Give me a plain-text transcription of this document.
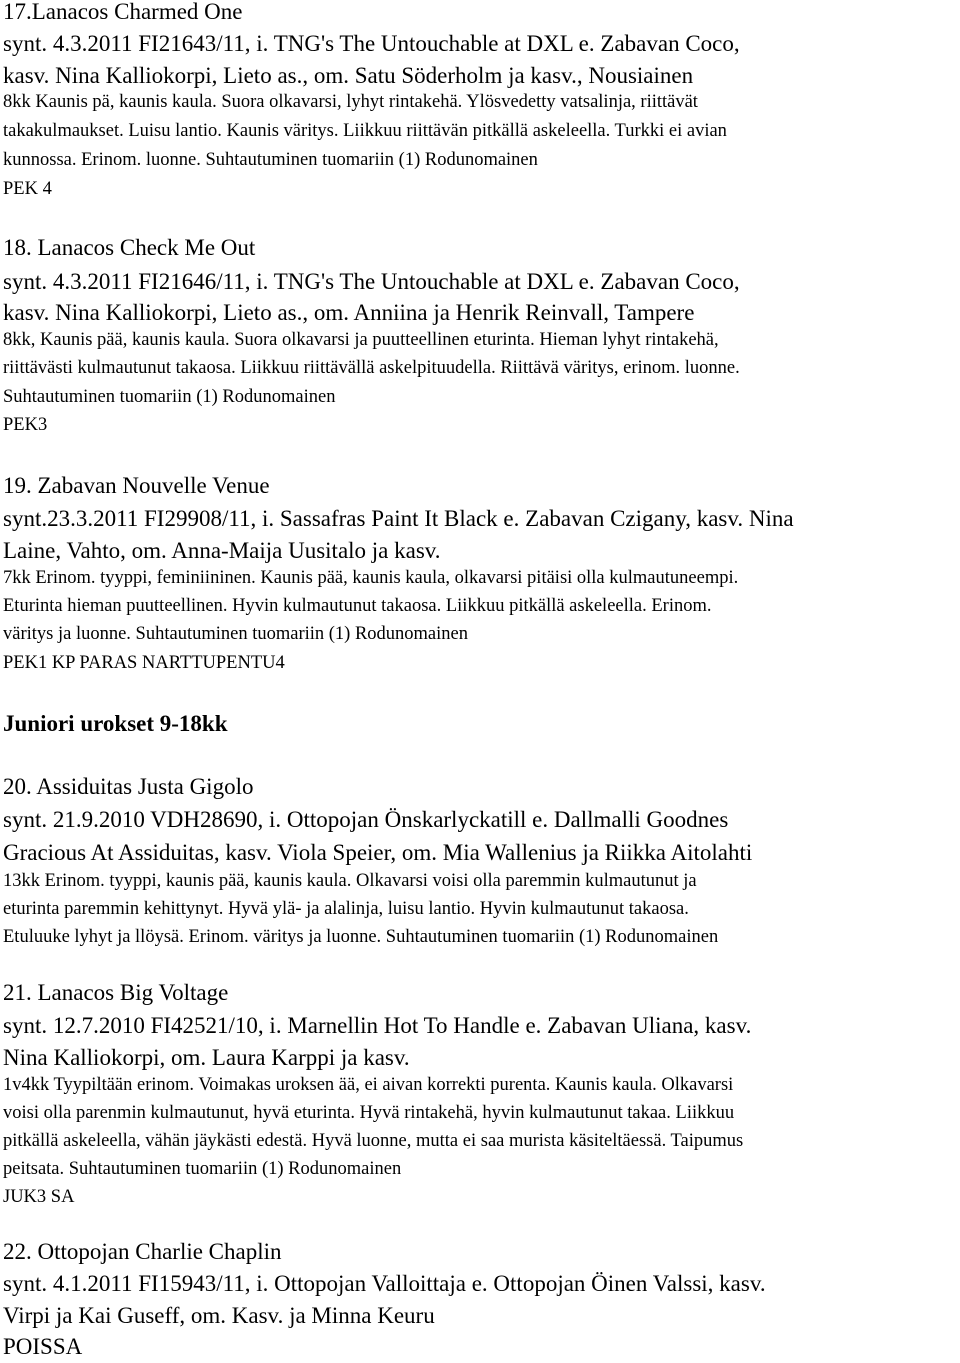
17.Lanacos Charmed One
synt. 4.3.2011 FI21643/11, i. TNG's The Untouchable at DXL e. Zabavan Coco,
kasv. Nina Kalliokorpi, Lieto as., om. Satu Söderholm ja kasv., Nousiainen
8kk Kaunis pä, kaunis kaula. Suora olkavarsi, lyhyt rintakehä. Ylösvedetty vatsalinja, riittävät
takakulmaukset. Luisu lantio. Kaunis väritys. Liikkuu riittävän pitkällä askeleella. Turkki ei avian
kunnossa. Erinom. luonne. Suhtautuminen tuomariin (1) Rodunomainen
PEK 4
18. Lanacos Check Me Out
synt. 4.3.2011 FI21646/11, i. TNG's The Untouchable at DXL e. Zabavan Coco,
kasv. Nina Kalliokorpi, Lieto as., om. Anniina ja Henrik Reinvall, Tampere
8kk, Kaunis pää, kaunis kaula. Suora olkavarsi ja puutteellinen eturinta. Hieman lyhyt rintakehä,
riittävästi kulmautunut takaosa. Liikkuu riittävällä askelpituudella. Riittävä väritys, erinom. luonne.
Suhtautuminen tuomariin (1) Rodunomainen
PEK3
19. Zabavan Nouvelle Venue
synt.23.3.2011 FI29908/11, i. Sassafras Paint It Black e. Zabavan Czigany, kasv. Nina
Laine, Vahto, om. Anna-Maija Uusitalo ja kasv.
7kk Erinom. tyyppi, feminiininen. Kaunis pää, kaunis kaula, olkavarsi pitäisi olla kulmautuneempi.
Eturinta hieman puutteellinen. Hyvin kulmautunut takaosa. Liikkuu pitkällä askeleella. Erinom.
väritys ja luonne. Suhtautuminen tuomariin (1) Rodunomainen
PEK1 KP PARAS NARTTUPENTU4
Juniori urokset 9-18kk
20. Assiduitas Justa Gigolo
synt. 21.9.2010 VDH28690, i. Ottopojan Önskarlyckatill e. Dallmalli Goodnes
Gracious At Assiduitas, kasv. Viola Speier, om. Mia Wallenius ja Riikka Aitolahti
13kk Erinom. tyyppi, kaunis pää, kaunis kaula. Olkavarsi voisi olla paremmin kulmautunut ja
eturinta paremmin kehittynyt. Hyvä ylä- ja alalinja, luisu lantio. Hyvin kulmautunut takaosa.
Etuluuke lyhyt ja llöysä. Erinom. väritys ja luonne. Suhtautuminen tuomariin (1) Rodunomainen
21. Lanacos Big Voltage
synt. 12.7.2010 FI42521/10, i. Marnellin Hot To Handle e. Zabavan Uliana, kasv.
Nina Kalliokorpi, om. Laura Karppi ja kasv.
1v4kk Tyypiltään erinom. Voimakas uroksen ää, ei aivan korrekti purenta. Kaunis kaula. Olkavarsi
voisi olla parenmin kulmautunut, hyvä eturinta. Hyvä rintakehä, hyvin kulmautunut takaa. Liikkuu
pitkällä askeleella, vähän jäykästi edestä. Hyvä luonne, mutta ei saa murista käsiteltäessä. Taipumus
peitsata. Suhtautuminen tuomariin (1) Rodunomainen
JUK3 SA
22. Ottopojan Charlie Chaplin
synt. 4.1.2011 FI15943/11, i. Ottopojan Valloittaja e. Ottopojan Öinen Valssi, kasv.
Virpi ja Kai Guseff, om. Kasv. ja Minna Keuru
POISSA
